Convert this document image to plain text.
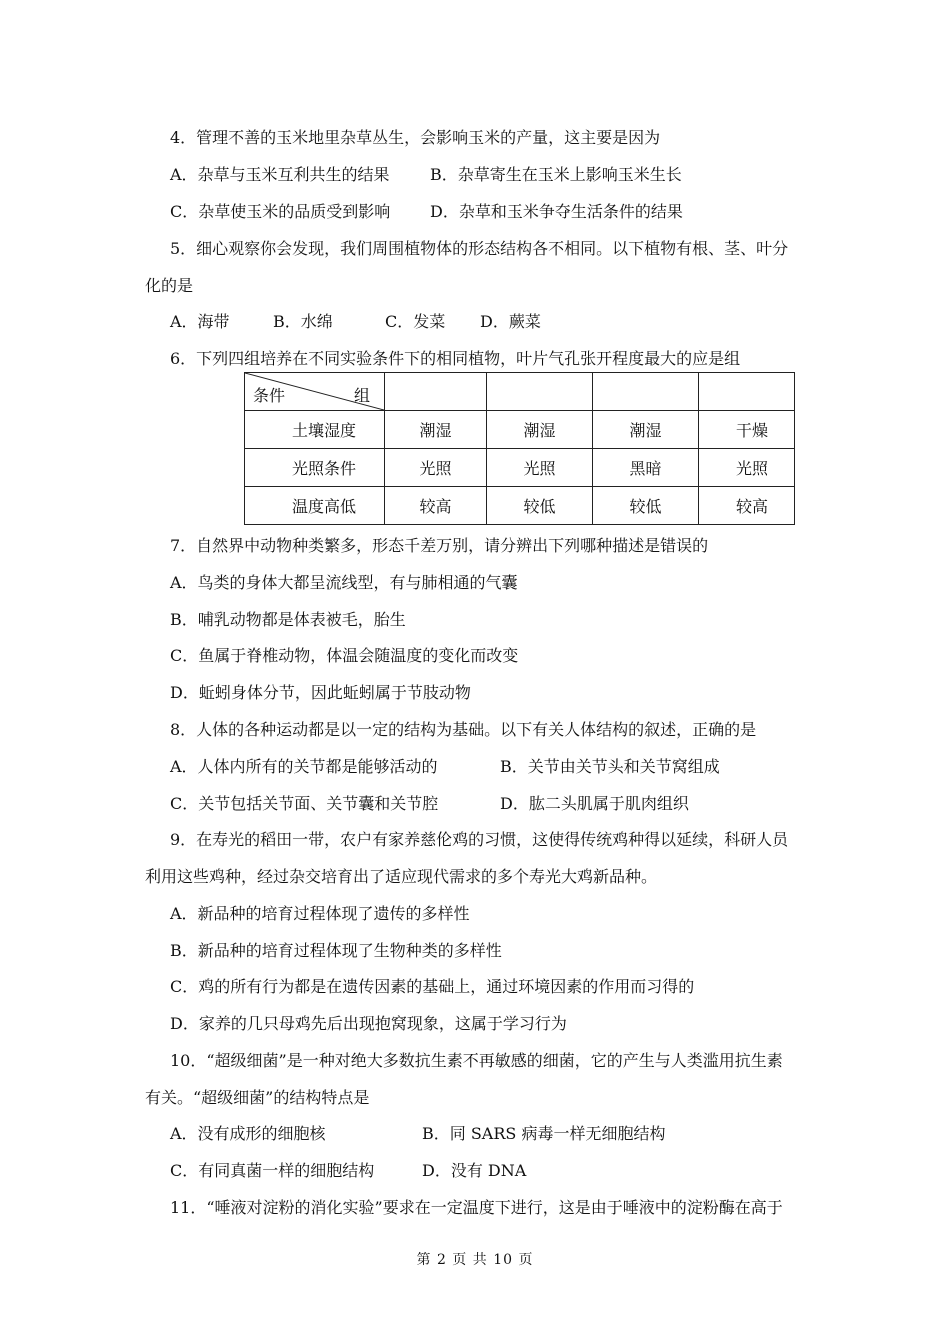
4．管理不善的玉米地里杂草丛生，会影响玉米的产量，这主要是因为
A．杂草与玉米互利共生的结果	B．杂草寄生在玉米上影响玉米生长
C．杂草使玉米的品质受到影响 D．杂草和玉米争夺生活条件的结果
5．细心观察你会发现，我们周围植物体的形态结构各不相同。以下植物有根、茎、叶分
化的是
A．海带	B．水绵	C．发菜 D．蕨菜
6．下列四组培养在不同实验条件下的相同植物，叶片气孔张开程度最大的应是组
条件 组				

土壤湿度	潮湿	潮湿	潮湿	干燥
光照条件	光照	光照	黑暗	光照
温度高低	较高	较低	较低	较高
7．自然界中动物种类繁多，形态千差万别，请分辨出下列哪种描述是错误的
A．鸟类的身体大都呈流线型，有与肺相通的气囊
B．哺乳动物都是体表被毛，胎生
C．鱼属于脊椎动物，体温会随温度的变化而改变
D．蚯蚓身体分节，因此蚯蚓属于节肢动物
8．人体的各种运动都是以一定的结构为基础。以下有关人体结构的叙述，正确的是
A．人体内所有的关节都是能够活动的	B．关节由关节头和关节窝组成
C．关节包括关节面、关节囊和关节腔	D．肱二头肌属于肌肉组织
9．在寿光的稻田一带，农户有家养慈伦鸡的习惯，这使得传统鸡种得以延续，科研人员
利用这些鸡种，经过杂交培育出了适应现代需求的多个寿光大鸡新品种。
A．新品种的培育过程体现了遗传的多样性
B．新品种的培育过程体现了生物种类的多样性
C．鸡的所有行为都是在遗传因素的基础上，通过环境因素的作用而习得的
D．家养的几只母鸡先后出现抱窝现象，这属于学习行为
10．“超级细菌”是一种对绝大多数抗生素不再敏感的细菌，它的产生与人类滥用抗生素
有关。“超级细菌”的结构特点是
A．没有成形的细胞核	B．同 SARS 病毒一样无细胞结构
C．有同真菌一样的细胞结构	D．没有 DNA
11．“唾液对淀粉的消化实验”要求在一定温度下进行，这是由于唾液中的淀粉酶在高于
第 2 页 共 10 页
